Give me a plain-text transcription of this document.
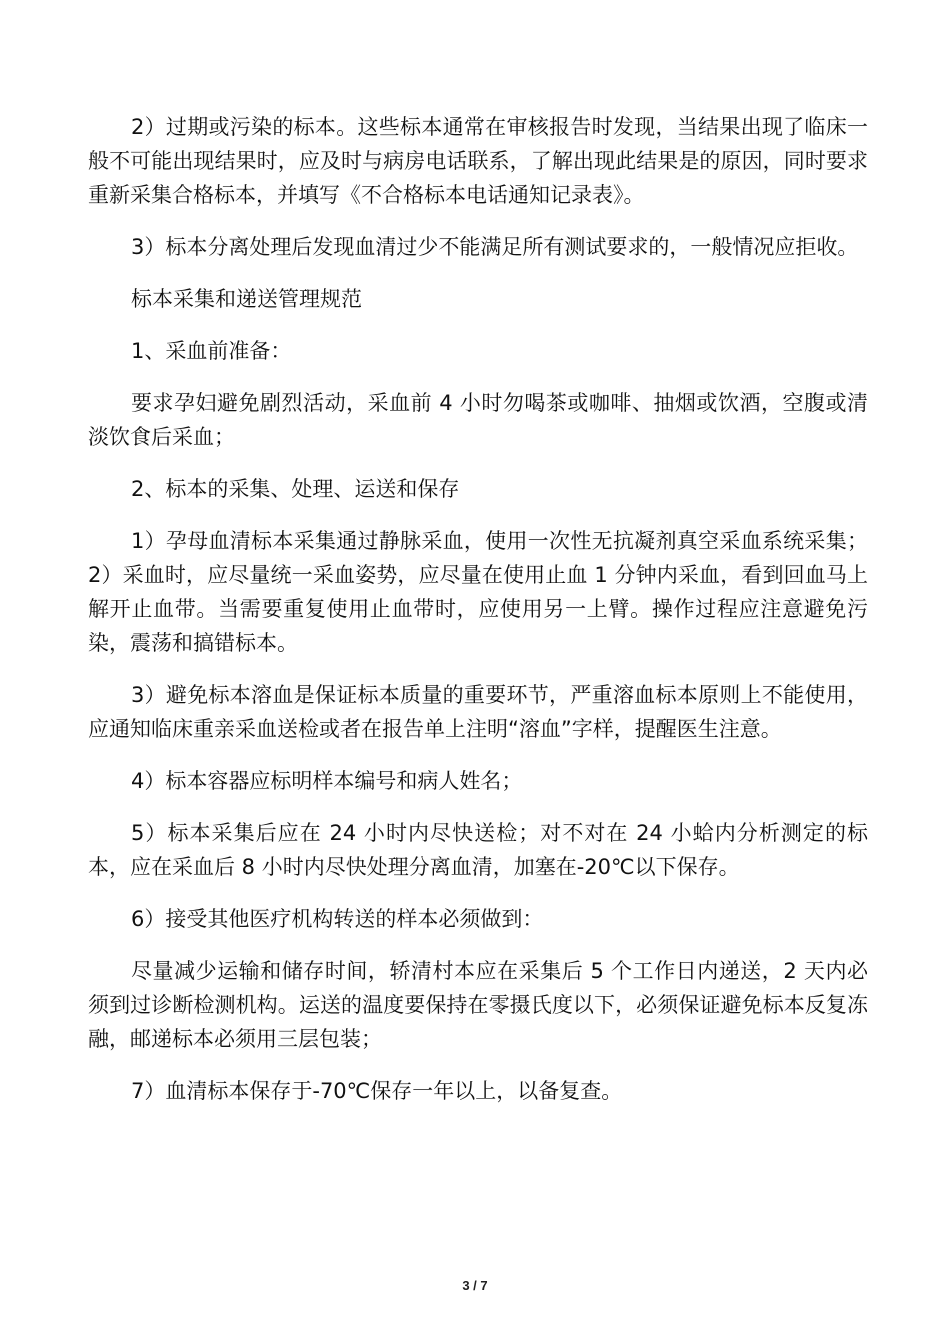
2）过期或污染的标本。这些标本通常在审核报告时发现，当结果出现了临床一般不可能出现结果时，应及时与病房电话联系，了解出现此结果是的原因，同时要求重新采集合格标本，并填写《不合格标本电话通知记录表》。

3）标本分离处理后发现血清过少不能满足所有测试要求的，一般情况应拒收。

标本采集和递送管理规范

1、采血前准备：

要求孕妇避免剧烈活动，采血前 4 小时勿喝茶或咖啡、抽烟或饮酒，空腹或清淡饮食后采血；

2、标本的采集、处理、运送和保存

1）孕母血清标本采集通过静脉采血，使用一次性无抗凝剂真空采血系统采集；2）采血时，应尽量统一采血姿势，应尽量在使用止血 1 分钟内采血，看到回血马上解开止血带。当需要重复使用止血带时，应使用另一上臂。操作过程应注意避免污染，震荡和搞错标本。

3）避免标本溶血是保证标本质量的重要环节，严重溶血标本原则上不能使用，应通知临床重亲采血送检或者在报告单上注明“溶血”字样，提醒医生注意。

4）标本容器应标明样本编号和病人姓名；

5）标本采集后应在 24 小时内尽快送检；对不对在 24 小蛤内分析测定的标本，应在采血后 8 小时内尽快处理分离血清，加塞在-20℃以下保存。

6）接受其他医疗机构转送的样本必须做到：

尽量减少运输和储存时间，轿清村本应在采集后 5 个工作日内递送，2 天内必须到过诊断检测机构。运送的温度要保持在零摄氏度以下，必须保证避免标本反复冻融，邮递标本必须用三层包装；

7）血清标本保存于-70℃保存一年以上，以备复查。

3 / 7
